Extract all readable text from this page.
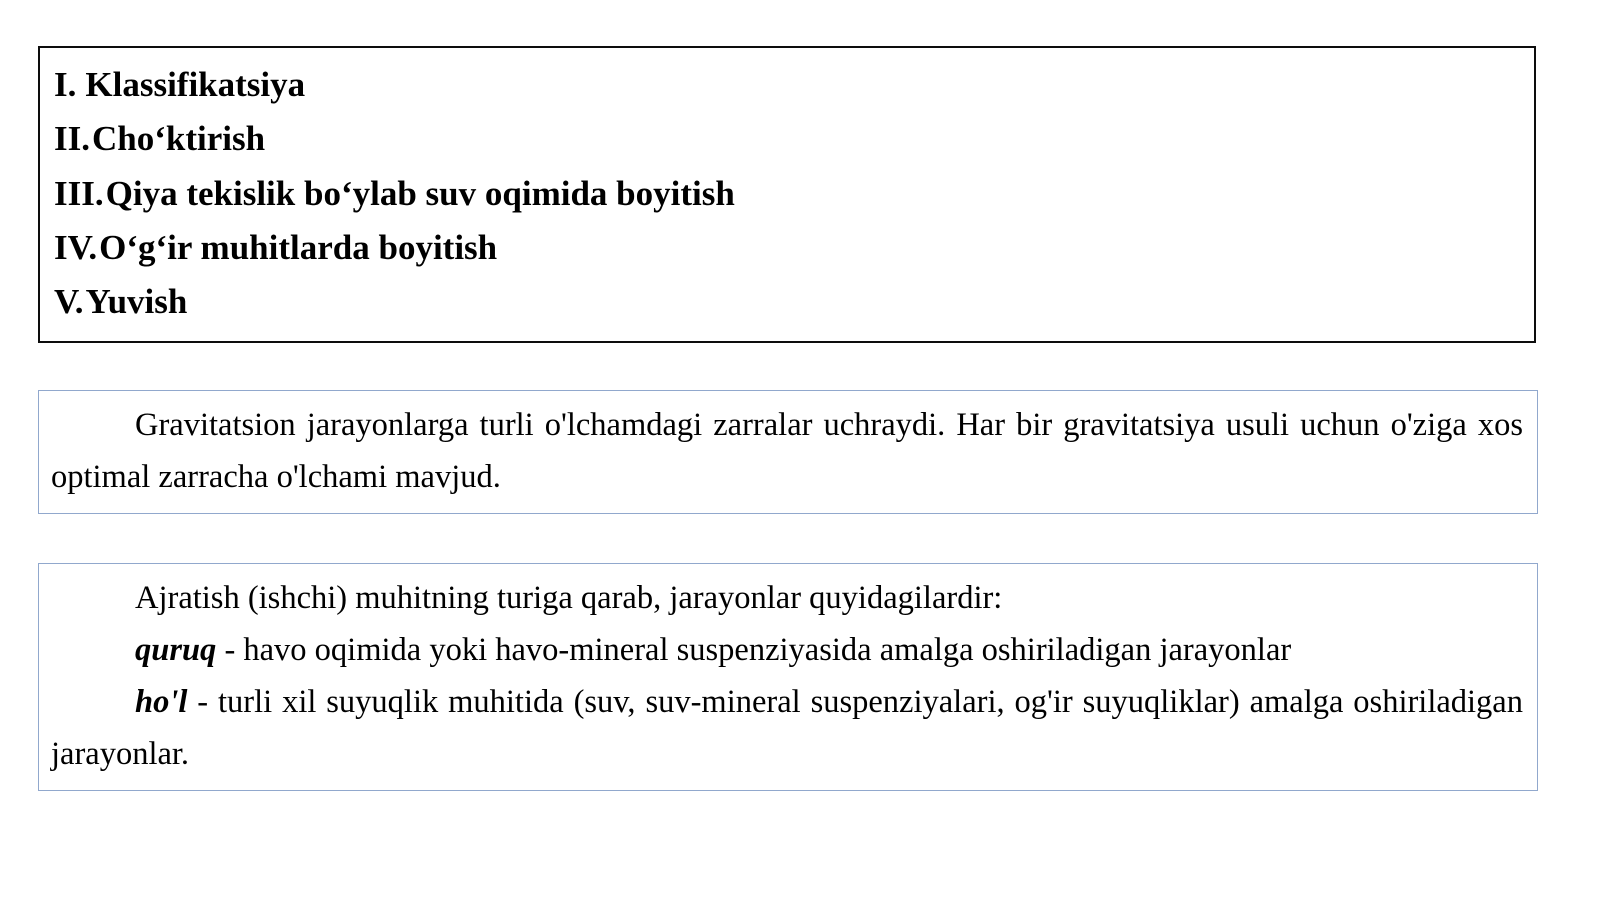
I. Klassifikatsiya
II. Cho‘ktirish
III. Qiya tekislik bo‘ylab suv oqimida boyitish
IV. O‘g‘ir muhitlarda boyitish
V. Yuvish

Gravitatsion jarayonlarga turli o'lchamdagi zarralar uchraydi. Har bir gravitatsiya usuli uchun o'ziga xos optimal zarracha o'lchami mavjud.

Ajratish (ishchi) muhitning turiga qarab, jarayonlar quyidagilardir:

quruq - havo oqimida yoki havo-mineral suspenziyasida amalga oshiriladigan jarayonlar

ho'l - turli xil suyuqlik muhitida (suv, suv-mineral suspenziyalari, og'ir suyuqliklar) amalga oshiriladigan jarayonlar.
